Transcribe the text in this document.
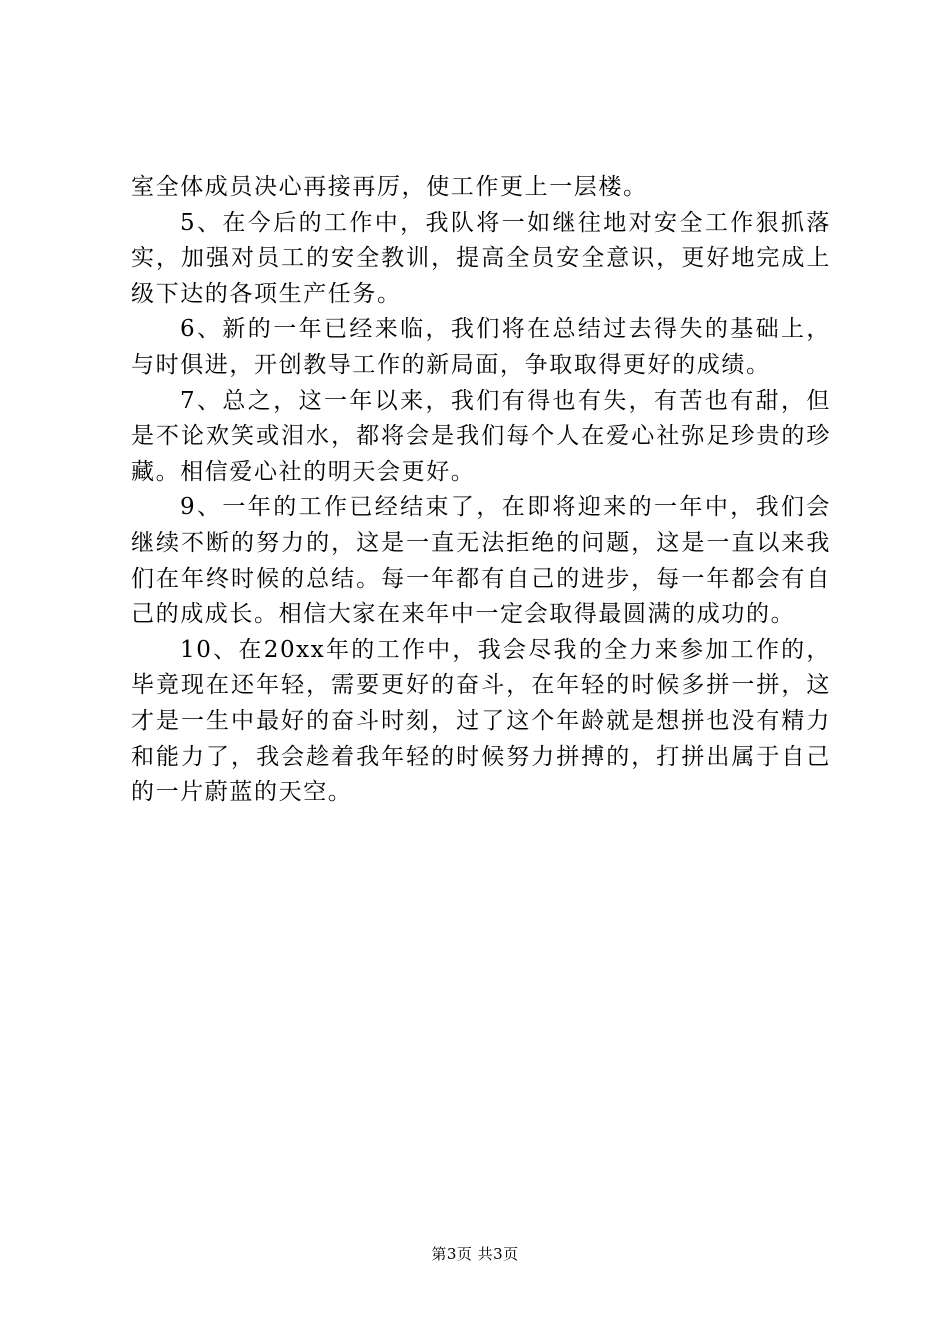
室全体成员决心再接再厉，使工作更上一层楼。

5、在今后的工作中，我队将一如继往地对安全工作狠抓落实，加强对员工的安全教训，提高全员安全意识，更好地完成上级下达的各项生产任务。

6、新的一年已经来临，我们将在总结过去得失的基础上，与时俱进，开创教导工作的新局面，争取取得更好的成绩。

7、总之，这一年以来，我们有得也有失，有苦也有甜，但是不论欢笑或泪水，都将会是我们每个人在爱心社弥足珍贵的珍藏。相信爱心社的明天会更好。

9、一年的工作已经结束了，在即将迎来的一年中，我们会继续不断的努力的，这是一直无法拒绝的问题，这是一直以来我们在年终时候的总结。每一年都有自己的进步，每一年都会有自己的成成长。相信大家在来年中一定会取得最圆满的成功的。

10、在20xx年的工作中，我会尽我的全力来参加工作的，毕竟现在还年轻，需要更好的奋斗，在年轻的时候多拼一拼，这才是一生中最好的奋斗时刻，过了这个年龄就是想拼也没有精力和能力了，我会趁着我年轻的时候努力拼搏的，打拼出属于自己的一片蔚蓝的天空。

第3页 共3页
